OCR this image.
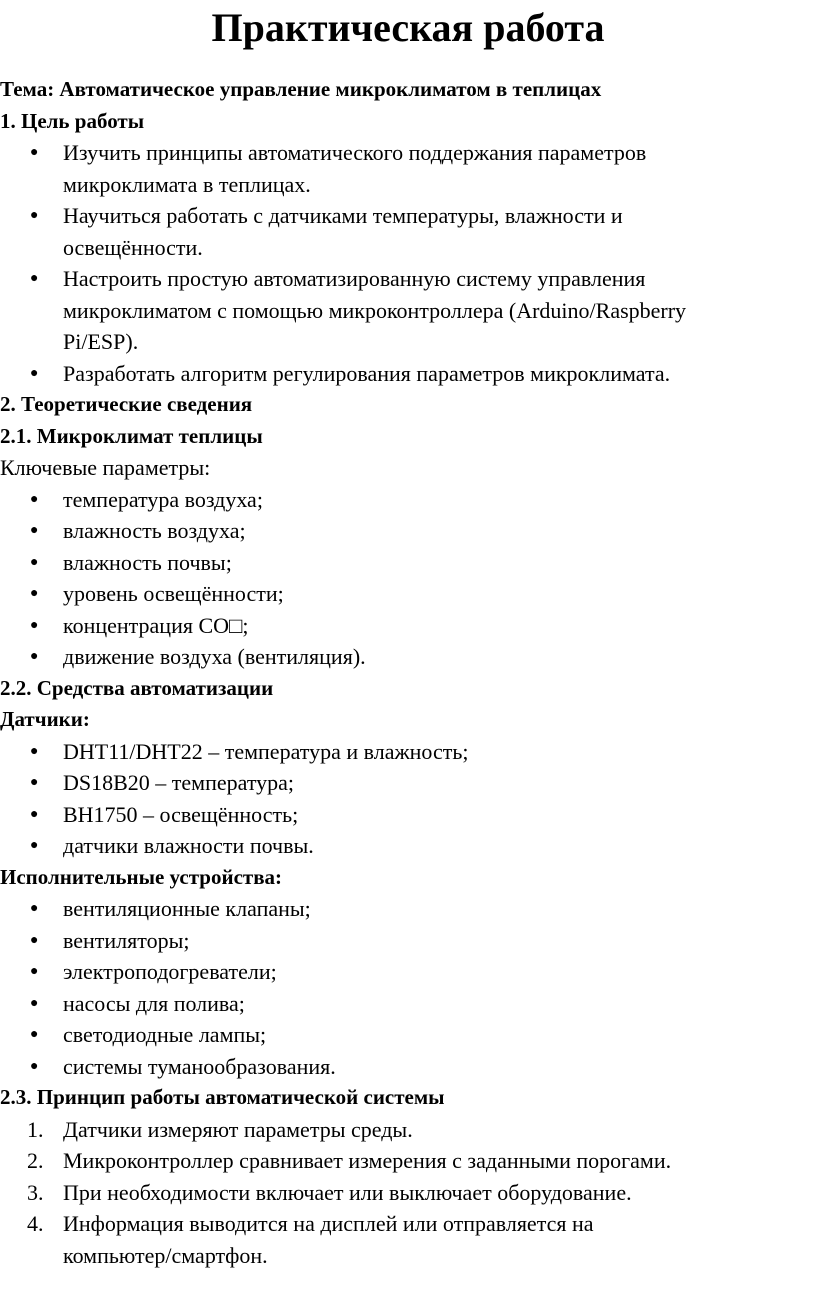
Практическая работа
Тема: Автоматическое управление микроклиматом в теплицах
1. Цель работы
● Изучить принципы автоматического поддержания параметров
микроклимата в теплицах.
● Научиться работать с датчиками температуры, влажности и
освещённости.
● Настроить простую автоматизированную систему управления
микроклиматом с помощью микроконтроллера (Arduino/Raspberry
Pi/ESP).
● Разработать алгоритм регулирования параметров микроклимата.
2. Теоретические сведения
2.1. Микроклимат теплицы
Ключевые параметры:
● температура воздуха;
● влажность воздуха;
● влажность почвы;
● уровень освещённости;
● концентрация CO□;
● движение воздуха (вентиляция).
2.2. Средства автоматизации
Датчики:
● DHT11/DHT22 – температура и влажность;
● DS18B20 – температура;
● BH1750 – освещённость;
● датчики влажности почвы.
Исполнительные устройства:
● вентиляционные клапаны;
● вентиляторы;
● электроподогреватели;
● насосы для полива;
● светодиодные лампы;
● системы туманообразования.
2.3. Принцип работы автоматической системы
1. Датчики измеряют параметры среды.
2. Микроконтроллер сравнивает измерения с заданными порогами.
3. При необходимости включает или выключает оборудование.
4. Информация выводится на дисплей или отправляется на
компьютер/смартфон.
